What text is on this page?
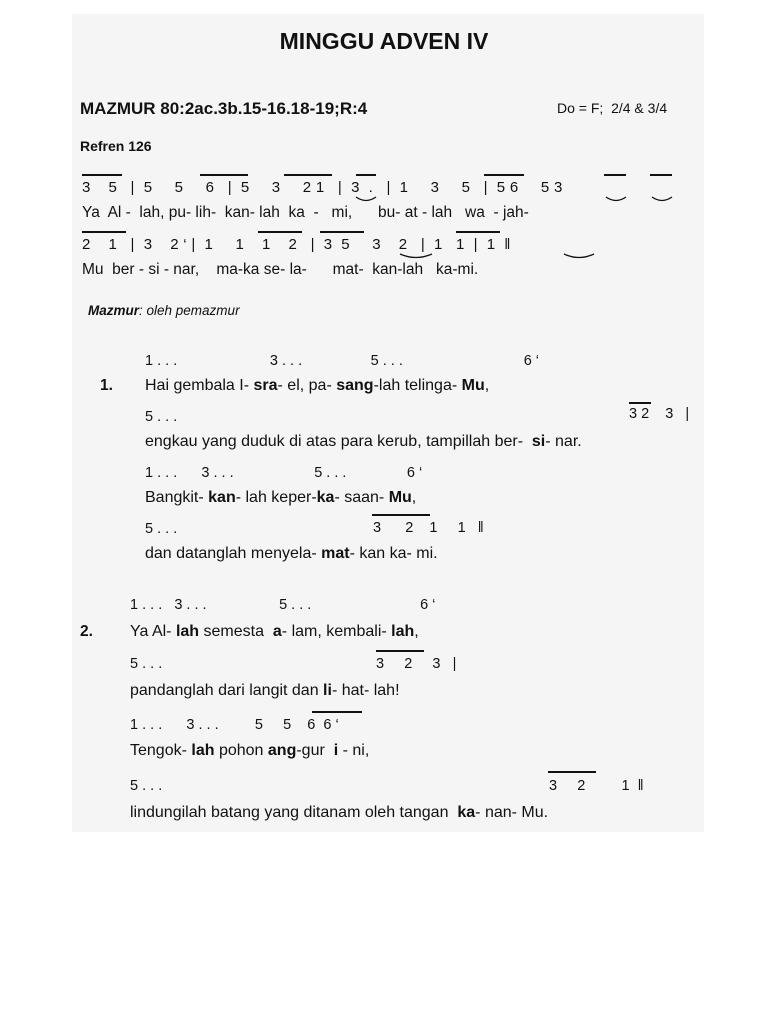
MINGGU ADVEN IV
MAZMUR 80:2ac.3b.15-16.18-19;R:4	Do = F;  2/4 & 3/4
Refren 126
3    5   |  5     5     6   |  5     3     2 1   |  3  .   |  1     3     5   |  5 6     5 3
Ya  Al -  lah, pu- lih-  kan- lah  ka  -   mi,      bu- at - lah   wa  - jah-
2    1   |  3    2 ‘ |  1     1    1    2   |  3  5     3    2   |  1   1  |  1  ‖
Mu  ber - si - nar,    ma-ka se- la-      mat-  kan-lah   ka-mi.
Mazmur: oleh pemazmur
1 . . .                       3 . . .                 5 . . .                              6 ‘
1. Hai gembala I- sra- el, pa- sang-lah telinga- Mu,
5 . . .	3 2    3   |
engkau yang duduk di atas para kerub, tampillah ber-  si- nar.
1 . . .      3 . . .                    5 . . .               6 ‘
Bangkit- kan- lah keper-ka- saan- Mu,
5 . . .	3      2    1     1   ‖
dan datanglah menyela- mat- kan ka- mi.
1 . . .   3 . . .                  5 . . .                           6 ‘
2. Ya Al- lah semesta  a- lam, kembali- lah,
5 . . .	3     2     3   |
pandanglah dari langit dan li- hat- lah!
1 . . .      3 . . .         5     5    6  6 ‘
Tengok- lah pohon ang-gur  i - ni,
5 . . .	3     2         1  ‖
lindungilah batang yang ditanam oleh tangan  ka- nan- Mu.
